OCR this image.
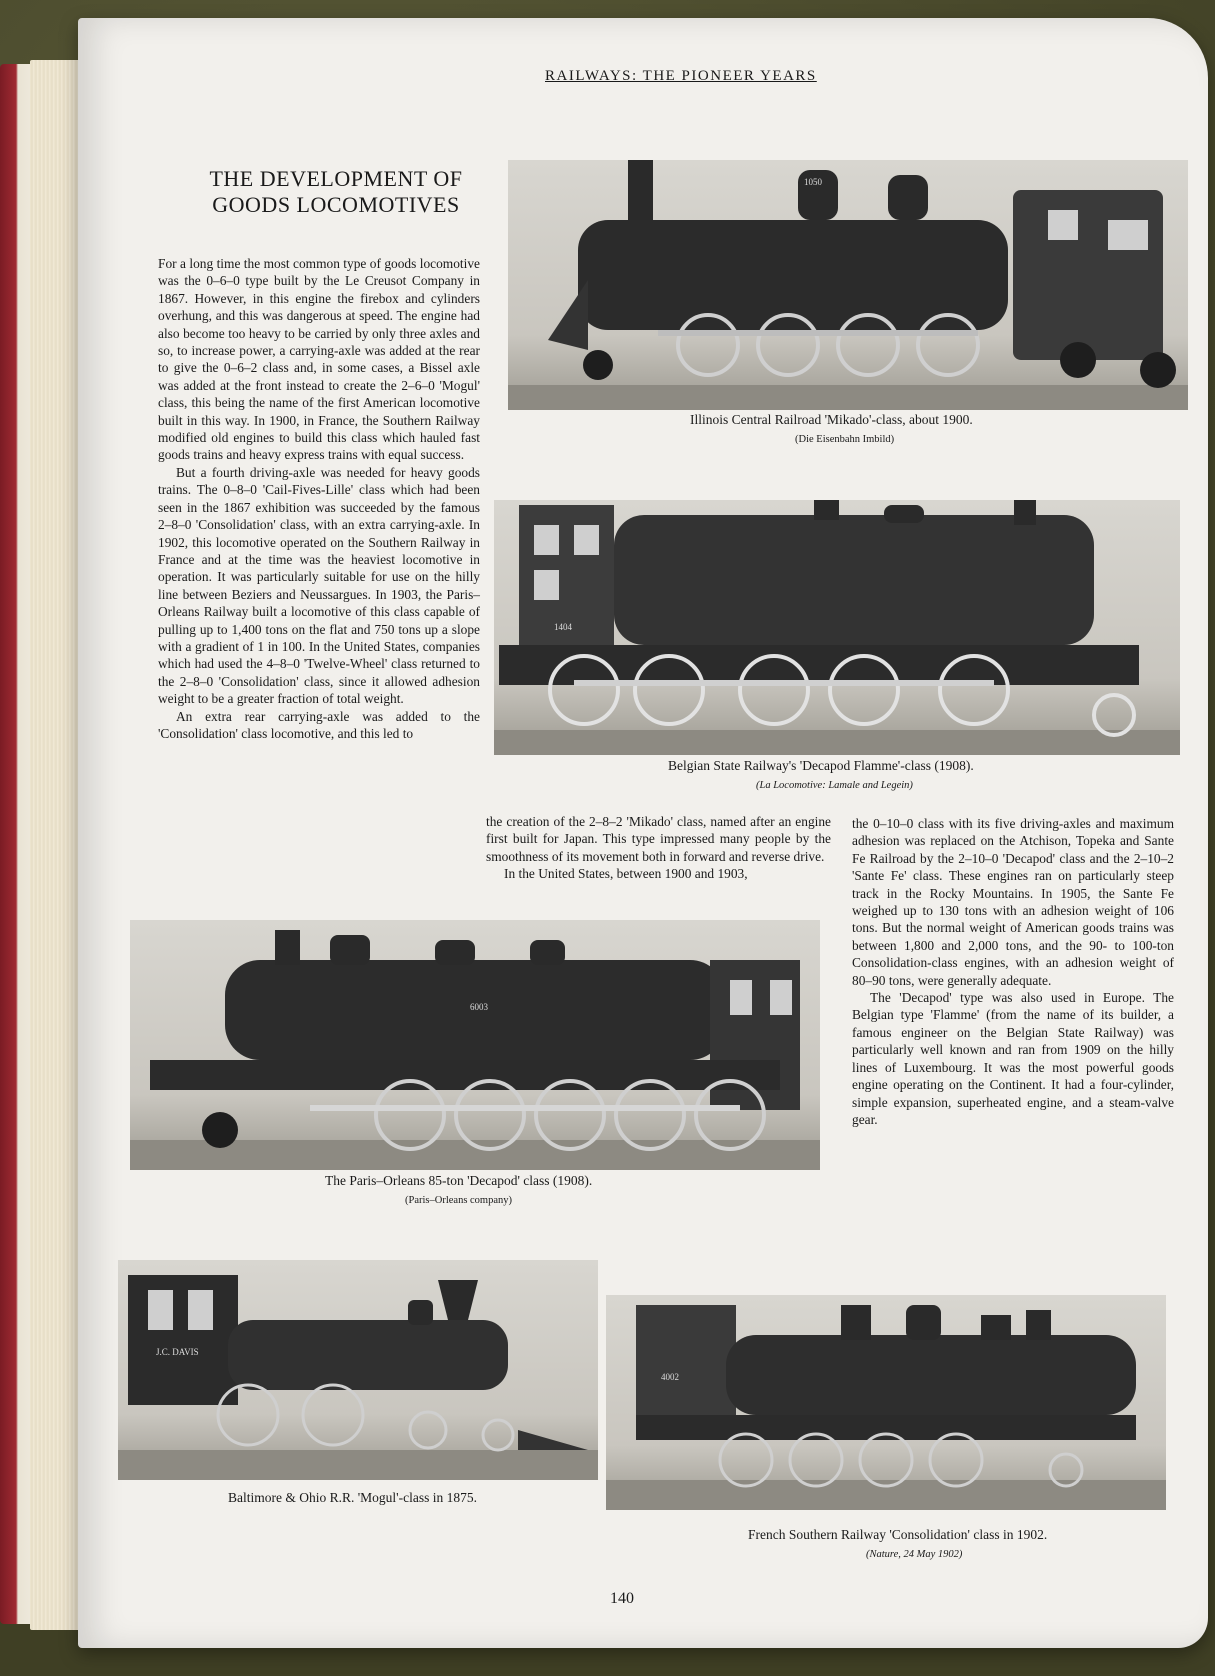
RAILWAYS: THE PIONEER YEARS
THE DEVELOPMENT OF GOODS LOCOMOTIVES

For a long time the most common type of goods locomotive was the 0–6–0 type built by the Le Creusot Company in 1867. However, in this engine the firebox and cylinders overhung, and this was dangerous at speed. The engine had also become too heavy to be carried by only three axles and so, to increase power, a carrying-axle was added at the rear to give the 0–6–2 class and, in some cases, a Bissel axle was added at the front instead to create the 2–6–0 'Mogul' class, this being the name of the first American locomotive built in this way. In 1900, in France, the Southern Railway modified old engines to build this class which hauled fast goods trains and heavy express trains with equal success.

But a fourth driving-axle was needed for heavy goods trains. The 0–8–0 'Cail-Fives-Lille' class which had been seen in the 1867 exhibition was succeeded by the famous 2–8–0 'Consolidation' class, with an extra carrying-axle. In 1902, this locomotive operated on the Southern Railway in France and at the time was the heaviest locomotive in operation. It was particularly suitable for use on the hilly line between Beziers and Neussargues. In 1903, the Paris–Orleans Railway built a locomotive of this class capable of pulling up to 1,400 tons on the flat and 750 tons up a slope with a gradient of 1 in 100. In the United States, companies which had used the 4–8–0 'Twelve-Wheel' class returned to the 2–8–0 'Consolidation' class, since it allowed adhesion weight to be a greater fraction of total weight.

An extra rear carrying-axle was added to the 'Consolidation' class locomotive, and this led to

the creation of the 2–8–2 'Mikado' class, named after an engine first built for Japan. This type impressed many people by the smoothness of its movement both in forward and reverse drive.

In the United States, between 1900 and 1903,

the 0–10–0 class with its five driving-axles and maximum adhesion was replaced on the Atchison, Topeka and Sante Fe Railroad by the 2–10–0 'Decapod' class and the 2–10–2 'Sante Fe' class. These engines ran on particularly steep track in the Rocky Mountains. In 1905, the Sante Fe weighed up to 130 tons with an adhesion weight of 106 tons. But the normal weight of American goods trains was between 1,800 and 2,000 tons, and the 90- to 100-ton Consolidation-class engines, with an adhesion weight of 80–90 tons, were generally adequate.

The 'Decapod' type was also used in Europe. The Belgian type 'Flamme' (from the name of its builder, a famous engineer on the Belgian State Railway) was particularly well known and ran from 1909 on the hilly lines of Luxembourg. It was the most powerful goods engine operating on the Continent. It had a four-cylinder, simple expansion, superheated engine, and a steam-valve gear.

1050
Illinois Central Railroad 'Mikado'-class, about 1900.
(Die Eisenbahn Imbild)
1404
Belgian State Railway's 'Decapod Flamme'-class (1908).
(La Locomotive: Lamale and Legein)
6003
The Paris–Orleans 85-ton 'Decapod' class (1908).
(Paris–Orleans company)
J.C. DAVIS
Baltimore & Ohio R.R. 'Mogul'-class in 1875.
4002
French Southern Railway 'Consolidation' class in 1902.
(Nature, 24 May 1902)
140
